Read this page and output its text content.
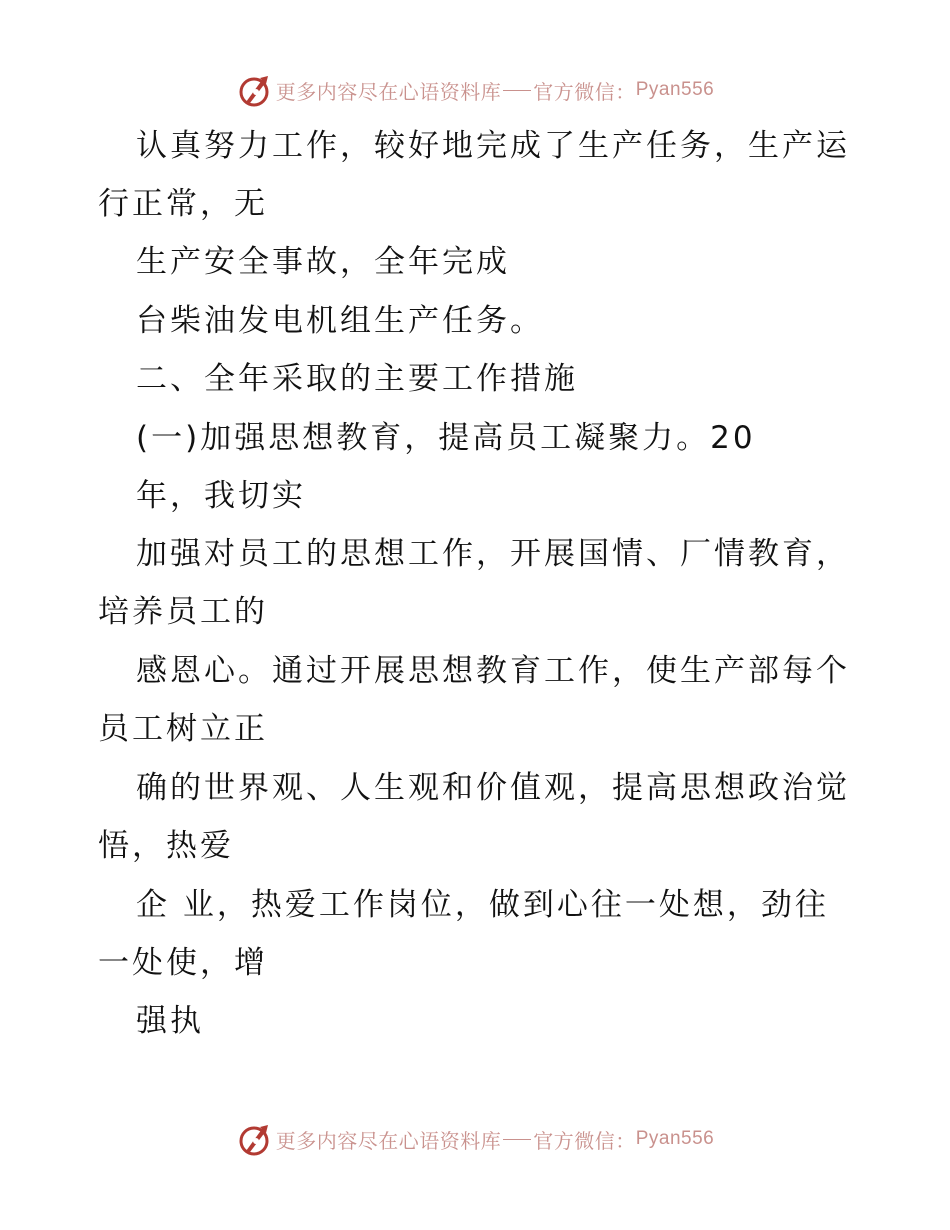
更多内容尽在心语资料库 官方微信： Pyan556
认真努力工作，较好地完成了生产任务，生产运
行正常，无
生产安全事故，全年完成
台柴油发电机组生产任务。
二、全年采取的主要工作措施
(一)加强思想教育，提高员工凝聚力。20
年，我切实
加强对员工的思想工作，开展国情、厂情教育，
培养员工的
感恩心。通过开展思想教育工作，使生产部每个
员工树立正
确的世界观、人生观和价值观，提高思想政治觉
悟，热爱
企 业，热爱工作岗位，做到心往一处想，劲往
一处使，增
强执
更多内容尽在心语资料库 官方微信： Pyan556
